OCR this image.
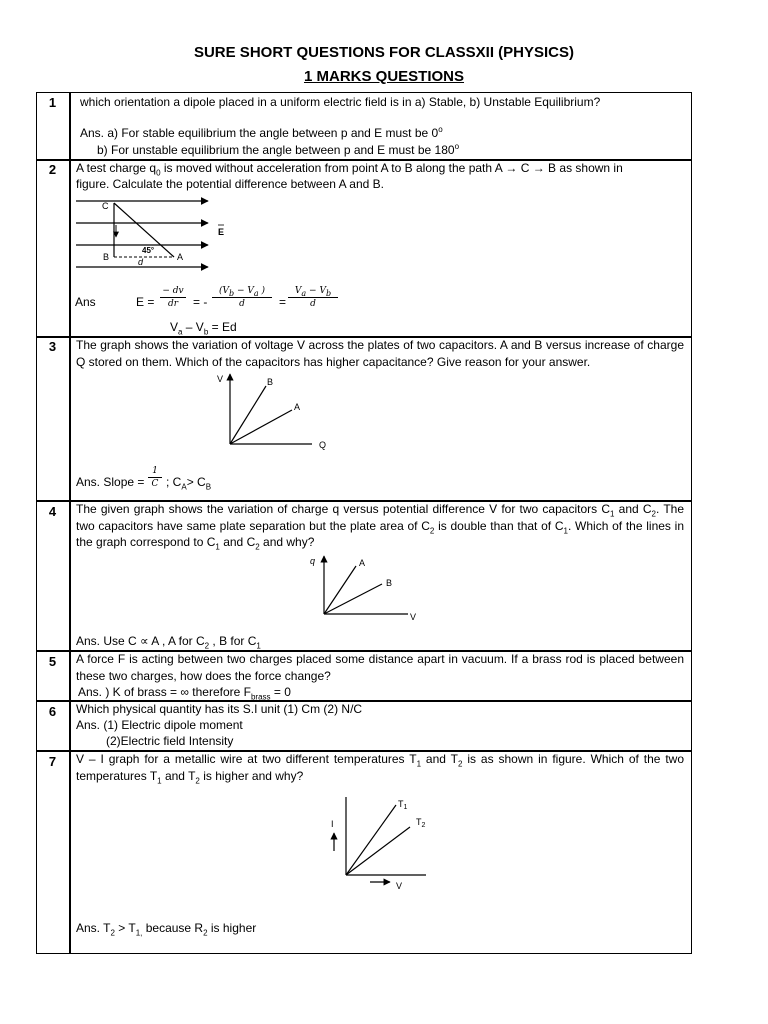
SURE SHORT QUESTIONS FOR CLASSXII (PHYSICS)
1 MARKS QUESTIONS
1	which orientation a dipole placed in a uniform electric field is in a) Stable, b) Unstable Equilibrium?
Ans. a) For stable equilibrium the angle between p and E must be 0$^o$
b) For unstable equilibrium the angle between p and E must be 180$^o$
2	A test charge $q_0$ is moved without acceleration from point A to B along the path A → C → B as shown in
figure. Calculate the potential difference between A and B.
C
B	A
45°
d
E
Ans	E =
− dv
dr	= -
($V_b - V_a$ )
d	=
$V_a - V_b$
d
$V_a - V_b = Ed$
3	The graph shows the variation of voltage V across the plates of two capacitors. A and B versus increase of charge Q stored on them. Which of the capacitors has higher capacitance? Give reason for your answer.
V	B
A
Q
Ans. Slope =
1
C ; $C_A> C_B$
4	The given graph shows the variation of charge q versus potential difference V for two capacitors $C_1$ and $C_2$. The two capacitors have same plate separation but the plate area of $C_2$ is double than that of $C_1$. Which of the lines in the graph correspond to $C_1$ and $C_2$ and why?
q	A
B
V
Ans. Use C ∝ A , A for $C_2$ , B for $C_1$
5	A force F is acting between two charges placed some distance apart in vacuum. If a brass rod is placed between these two charges, how does the force change?
Ans. ) K of brass = ∞ therefore $F_{brass} = 0$
6	Which physical quantity has its S.I unit (1) Cm (2) N/C
Ans. (1) Electric dipole moment
(2)Electric field Intensity
7	V – I graph for a metallic wire at two different temperatures $T_1$ and $T_2$ is as shown in figure. Which of the two temperatures $T_1$ and $T_2$ is higher and why?
I
V
$T_1$
$T_2$
Ans. $T_2 > T_{1,}$ because $R_2$ is higher
